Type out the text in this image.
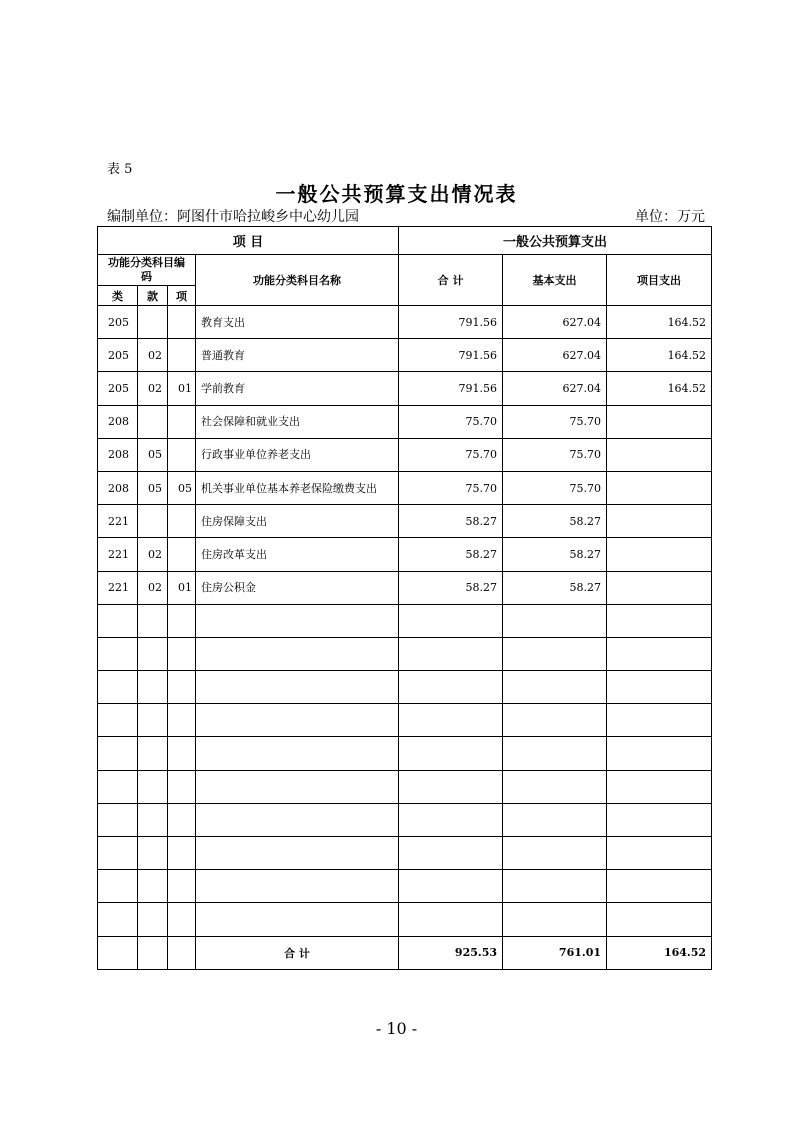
表 5
一般公共预算支出情况表
编制单位：阿图什市哈拉峻乡中心幼儿园	单位：万元
项 目				一般公共预算支出		
功能分类科目编码			功能分类科目名称	合 计	基本支出	项目支出
类	款	项				
205			教育支出	791.56	627.04	164.52
205	02		普通教育	791.56	627.04	164.52
205	02	01	学前教育	791.56	627.04	164.52
208			社会保障和就业支出	75.70	75.70	
208	05		行政事业单位养老支出	75.70	75.70	
208	05	05	机关事业单位基本养老保险缴费支出	75.70	75.70	
221			住房保障支出	58.27	58.27	
221	02		住房改革支出	58.27	58.27	
221	02	01	住房公积金	58.27	58.27	

			合 计	925.53	761.01	164.52
- 10 -
